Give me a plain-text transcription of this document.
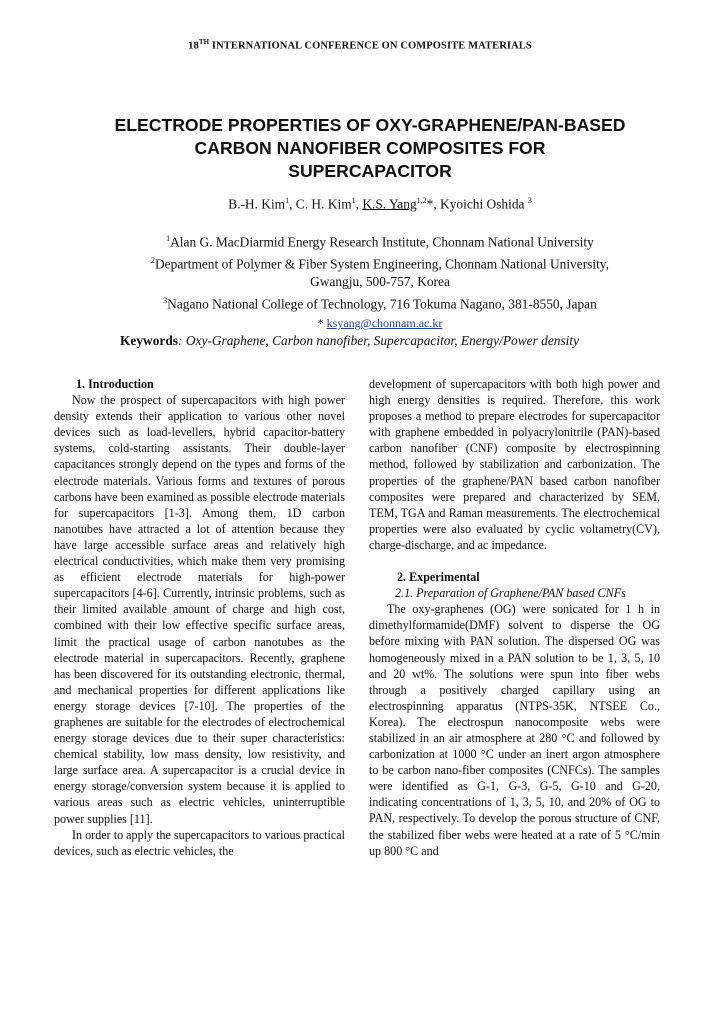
18TH INTERNATIONAL CONFERENCE ON COMPOSITE MATERIALS
ELECTRODE PROPERTIES OF OXY-GRAPHENE/PAN-BASED
CARBON NANOFIBER COMPOSITES FOR
SUPERCAPACITOR
B.-H. Kim$^1$, C. H. Kim$^1$, K.S. Yang$^{1,2}$*, Kyoichi Oshida $^3$
$^1$Alan G. MacDiarmid Energy Research Institute, Chonnam National University
$^2$Department of Polymer & Fiber System Engineering, Chonnam National University,
Gwangju, 500-757, Korea
$^3$Nagano National College of Technology, 716 Tokuma Nagano, 381-8550, Japan
* ksyang@chonnam.ac.kr
Keywords: Oxy-Graphene, Carbon nanofiber, Supercapacitor, Energy/Power density

1. Introduction

Now the prospect of supercapacitors with high power density extends their application to various other novel devices such as load-levellers, hybrid capacitor-battery systems, cold-starting assistants. Their double-layer capacitances strongly depend on the types and forms of the electrode materials. Various forms and textures of porous carbons have been examined as possible electrode materials for supercapacitors [1-3]. Among them, 1D carbon nanotubes have attracted a lot of attention because they have large accessible surface areas and relatively high electrical conductivities, which make them very promising as efficient electrode materials for high-power supercapacitors [4-6]. Currently, intrinsic problems, such as their limited available amount of charge and high cost, combined with their low effective specific surface areas, limit the practical usage of carbon nanotubes as the electrode material in supercapacitors. Recently, graphene has been discovered for its outstanding electronic, thermal, and mechanical properties for different applications like energy storage devices [7-10]. The properties of the graphenes are suitable for the electrodes of electrochemical energy storage devices due to their super characteristics: chemical stability, low mass density, low resistivity, and large surface area. A supercapacitor is a crucial device in energy storage/conversion system because it is applied to various areas such as electric vehicles, uninterruptible power supplies [11].

In order to apply the supercapacitors to various practical devices, such as electric vehicles, the

development of supercapacitors with both high power and high energy densities is required. Therefore, this work proposes a method to prepare electrodes for supercapacitor with graphene embedded in polyacrylonitrile (PAN)-based carbon nanofiber (CNF) composite by electrospinning method, followed by stabilization and carbonization. The properties of the graphene/PAN based carbon nanofiber composites were prepared and characterized by SEM, TEM, TGA and Raman measurements. The electrochemical properties were also evaluated by cyclic voltametry(CV), charge-discharge, and ac impedance.

2. Experimental

2.1. Preparation of Graphene/PAN based CNFs

The oxy-graphenes (OG) were sonicated for 1 h in dimethylformamide(DMF) solvent to disperse the OG before mixing with PAN solution. The dispersed OG was homogeneously mixed in a PAN solution to be 1, 3, 5, 10 and 20 wt%. The solutions were spun into fiber webs through a positively charged capillary using an electrospinning apparatus (NTPS-35K, NTSEE Co., Korea). The electrospun nanocomposite webs were stabilized in an air atmosphere at 280 °C and followed by carbonization at 1000 °C under an inert argon atmosphere to be carbon nano-fiber composites (CNFCs). The samples were identified as G-1, G-3, G-5, G-10 and G-20, indicating concentrations of 1, 3, 5, 10, and 20% of OG to PAN, respectively. To develop the porous structure of CNF, the stabilized fiber webs were heated at a rate of 5 °C/min up 800 °C and
